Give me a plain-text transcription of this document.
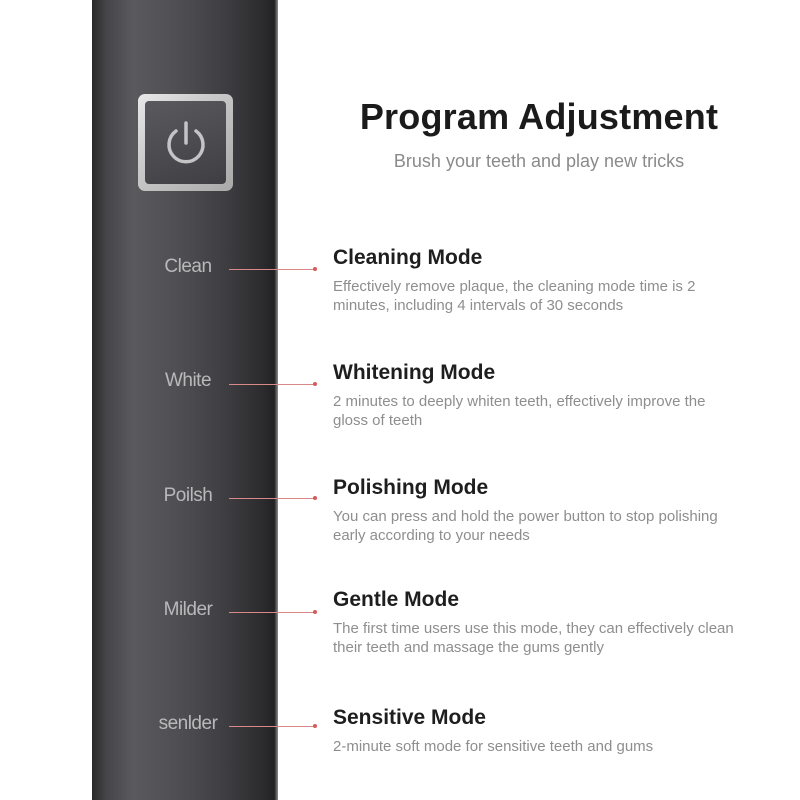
Clean
White
Poilsh
Milder
senlder
Program Adjustment
Brush your teeth and play new tricks
Cleaning Mode
Effectively remove plaque, the cleaning mode time is 2 minutes, including 4 intervals of 30 seconds
Whitening Mode
2 minutes to deeply whiten teeth, effectively improve the gloss of teeth
Polishing Mode
You can press and hold the power button to stop polishing early according to your needs
Gentle Mode
The first time users use this mode, they can effectively clean their teeth and massage the gums gently
Sensitive Mode
2-minute soft mode for sensitive teeth and gums
